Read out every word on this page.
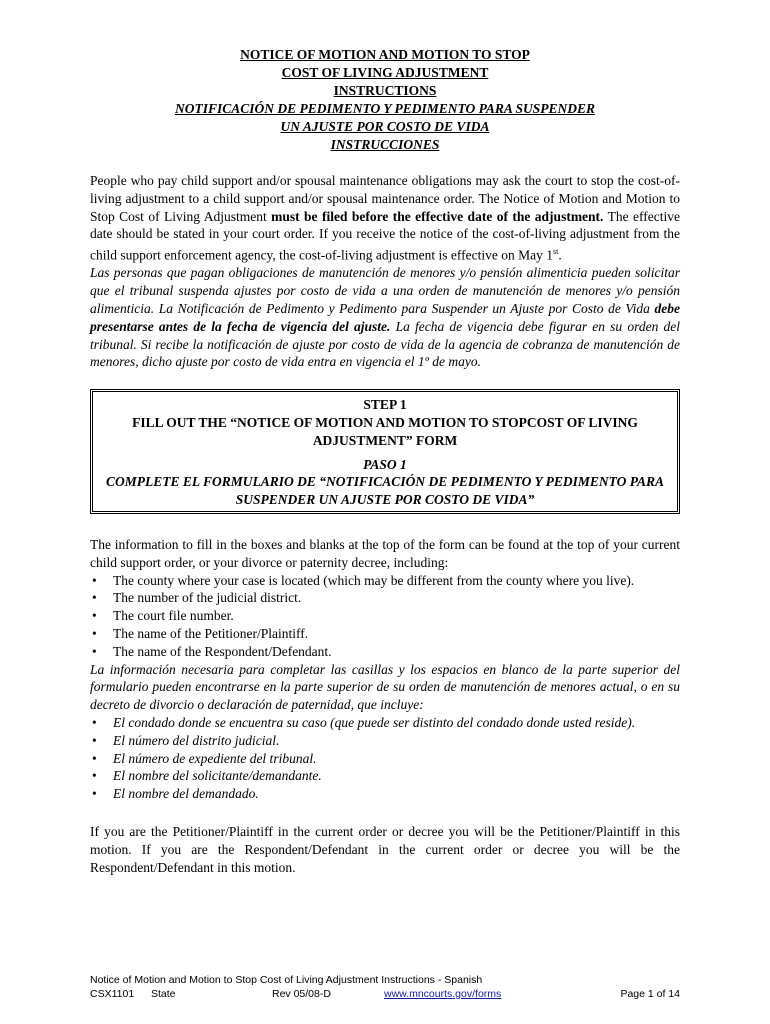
NOTICE OF MOTION AND MOTION TO STOP
COST OF LIVING ADJUSTMENT
INSTRUCTIONS
NOTIFICACIÓN DE PEDIMENTO Y PEDIMENTO PARA SUSPENDER
UN AJUSTE POR COSTO DE VIDA
INSTRUCCIONES

People who pay child support and/or spousal maintenance obligations may ask the court to stop the cost-of-living adjustment to a child support and/or spousal maintenance order. The Notice of Motion and Motion to Stop Cost of Living Adjustment must be filed before the effective date of the adjustment. The effective date should be stated in your court order. If you receive the notice of the cost-of-living adjustment from the child support enforcement agency, the cost-of-living adjustment is effective on May 1st.

Las personas que pagan obligaciones de manutención de menores y/o pensión alimenticia pueden solicitar que el tribunal suspenda ajustes por costo de vida a una orden de manutención de menores y/o pensión alimenticia. La Notificación de Pedimento y Pedimento para Suspender un Ajuste por Costo de Vida debe presentarse antes de la fecha de vigencia del ajuste. La fecha de vigencia debe figurar en su orden del tribunal. Si recibe la notificación de ajuste por costo de vida de la agencia de cobranza de manutención de menores, dicho ajuste por costo de vida entra en vigencia el 1º de mayo.

STEP 1
FILL OUT THE “NOTICE OF MOTION AND MOTION TO STOPCOST OF LIVING ADJUSTMENT” FORM
PASO 1
COMPLETE EL FORMULARIO DE “NOTIFICACIÓN DE PEDIMENTO Y PEDIMENTO PARA SUSPENDER UN AJUSTE POR COSTO DE VIDA”

The information to fill in the boxes and blanks at the top of the form can be found at the top of your current child support order, or your divorce or paternity decree, including:

• The county where your case is located (which may be different from the county where you live).
• The number of the judicial district.
• The court file number.
• The name of the Petitioner/Plaintiff.
• The name of the Respondent/Defendant.

La información necesaria para completar las casillas y los espacios en blanco de la parte superior del formulario pueden encontrarse en la parte superior de su orden de manutención de menores actual, o en su decreto de divorcio o declaración de paternidad, que incluye:

• El condado donde se encuentra su caso (que puede ser distinto del condado donde usted reside).
• El número del distrito judicial.
• El número de expediente del tribunal.
• El nombre del solicitante/demandante.
• El nombre del demandado.

If you are the Petitioner/Plaintiff in the current order or decree you will be the Petitioner/Plaintiff in this motion. If you are the Respondent/Defendant in the current order or decree you will be the Respondent/Defendant in this motion.

Notice of Motion and Motion to Stop Cost of Living Adjustment Instructions - Spanish
CSX1101 State	Rev 05/08-D	www.mncourts.gov/forms	Page 1 of 14
